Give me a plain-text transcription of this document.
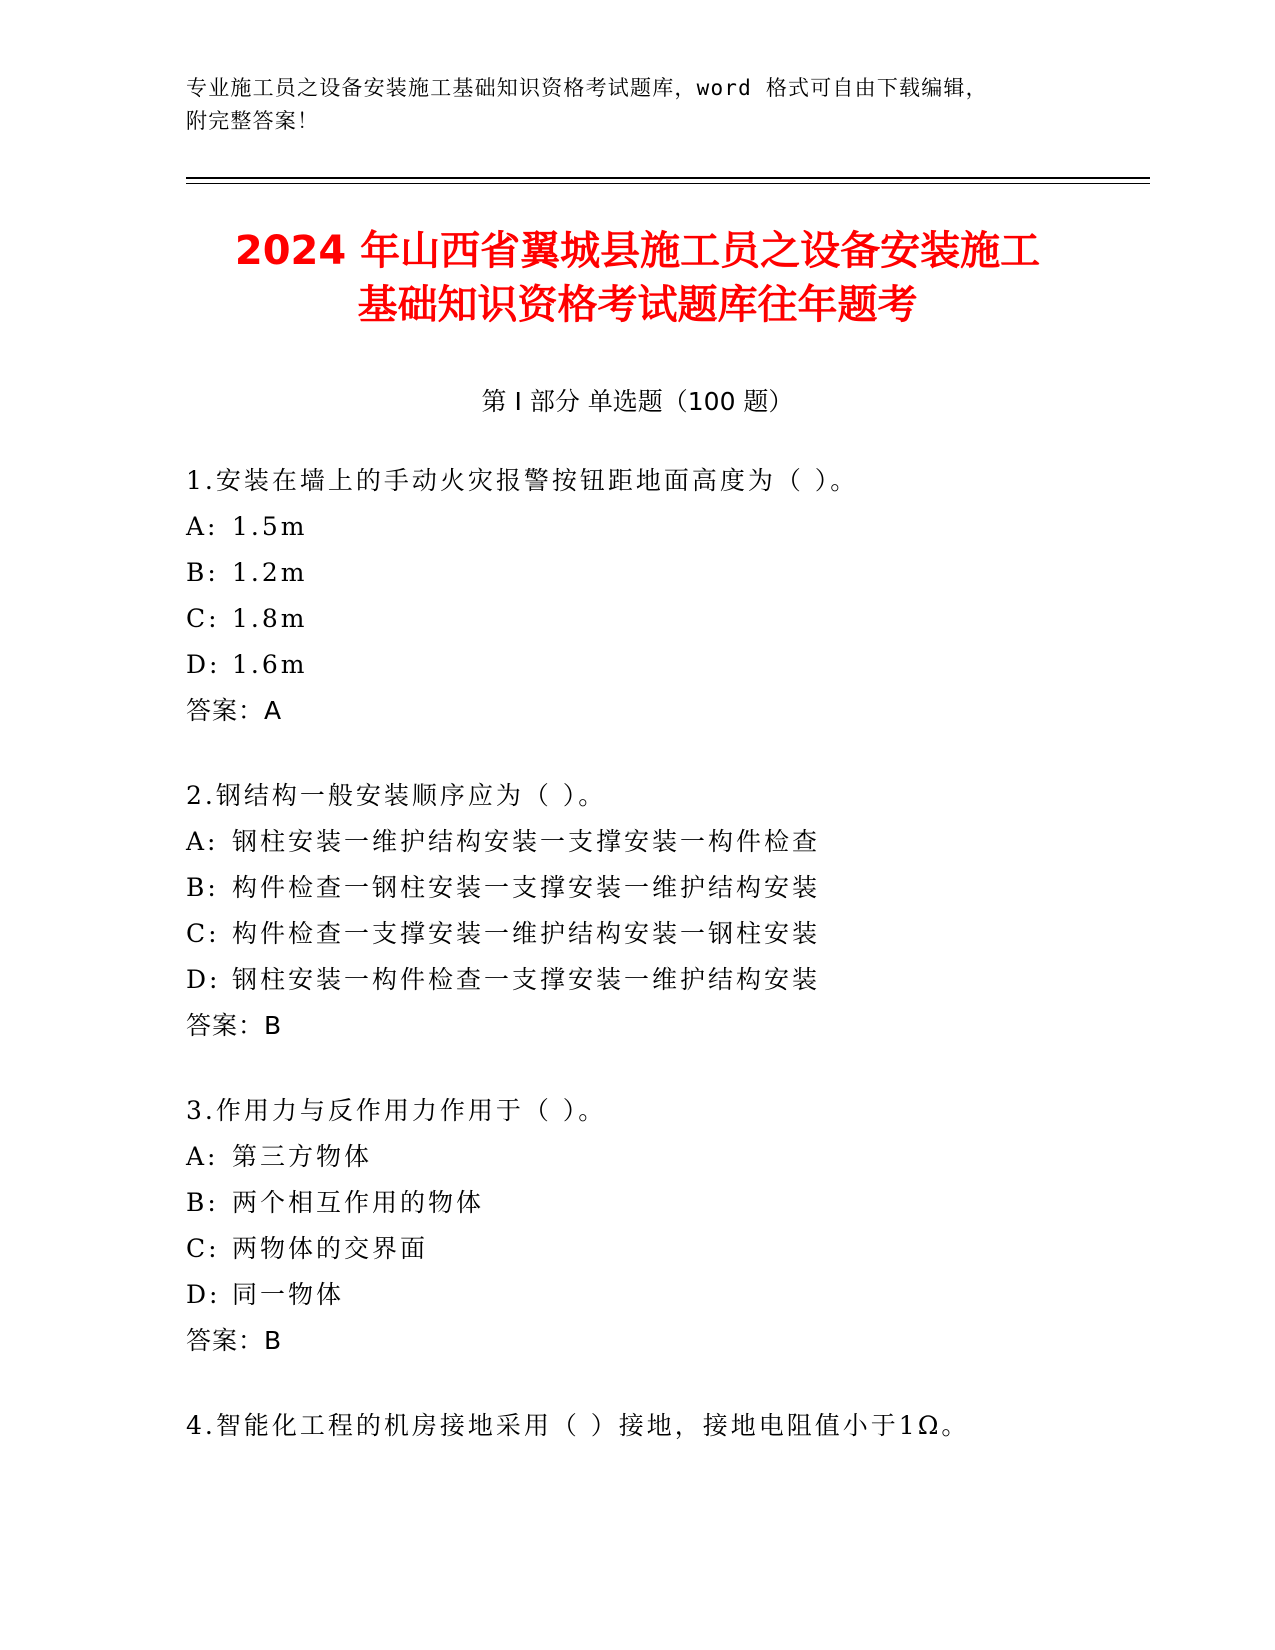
专业施工员之设备安装施工基础知识资格考试题库，word 格式可自由下载编辑，
附完整答案！
2024 年山西省翼城县施工员之设备安装施工
基础知识资格考试题库往年题考
第 I 部分 单选题（100 题）
1.安装在墙上的手动火灾报警按钮距地面高度为（ ）。
A: 1.5m
B: 1.2m
C: 1.8m
D: 1.6m
答案：A
2.钢结构一般安装顺序应为（ ）。
A: 钢柱安装一维护结构安装一支撑安装一构件检查
B: 构件检查一钢柱安装一支撑安装一维护结构安装
C: 构件检查一支撑安装一维护结构安装一钢柱安装
D: 钢柱安装一构件检查一支撑安装一维护结构安装
答案：B
3.作用力与反作用力作用于（ ）。
A: 第三方物体
B: 两个相互作用的物体
C: 两物体的交界面
D: 同一物体
答案：B
4.智能化工程的机房接地采用（ ）接地，接地电阻值小于1Ω。
